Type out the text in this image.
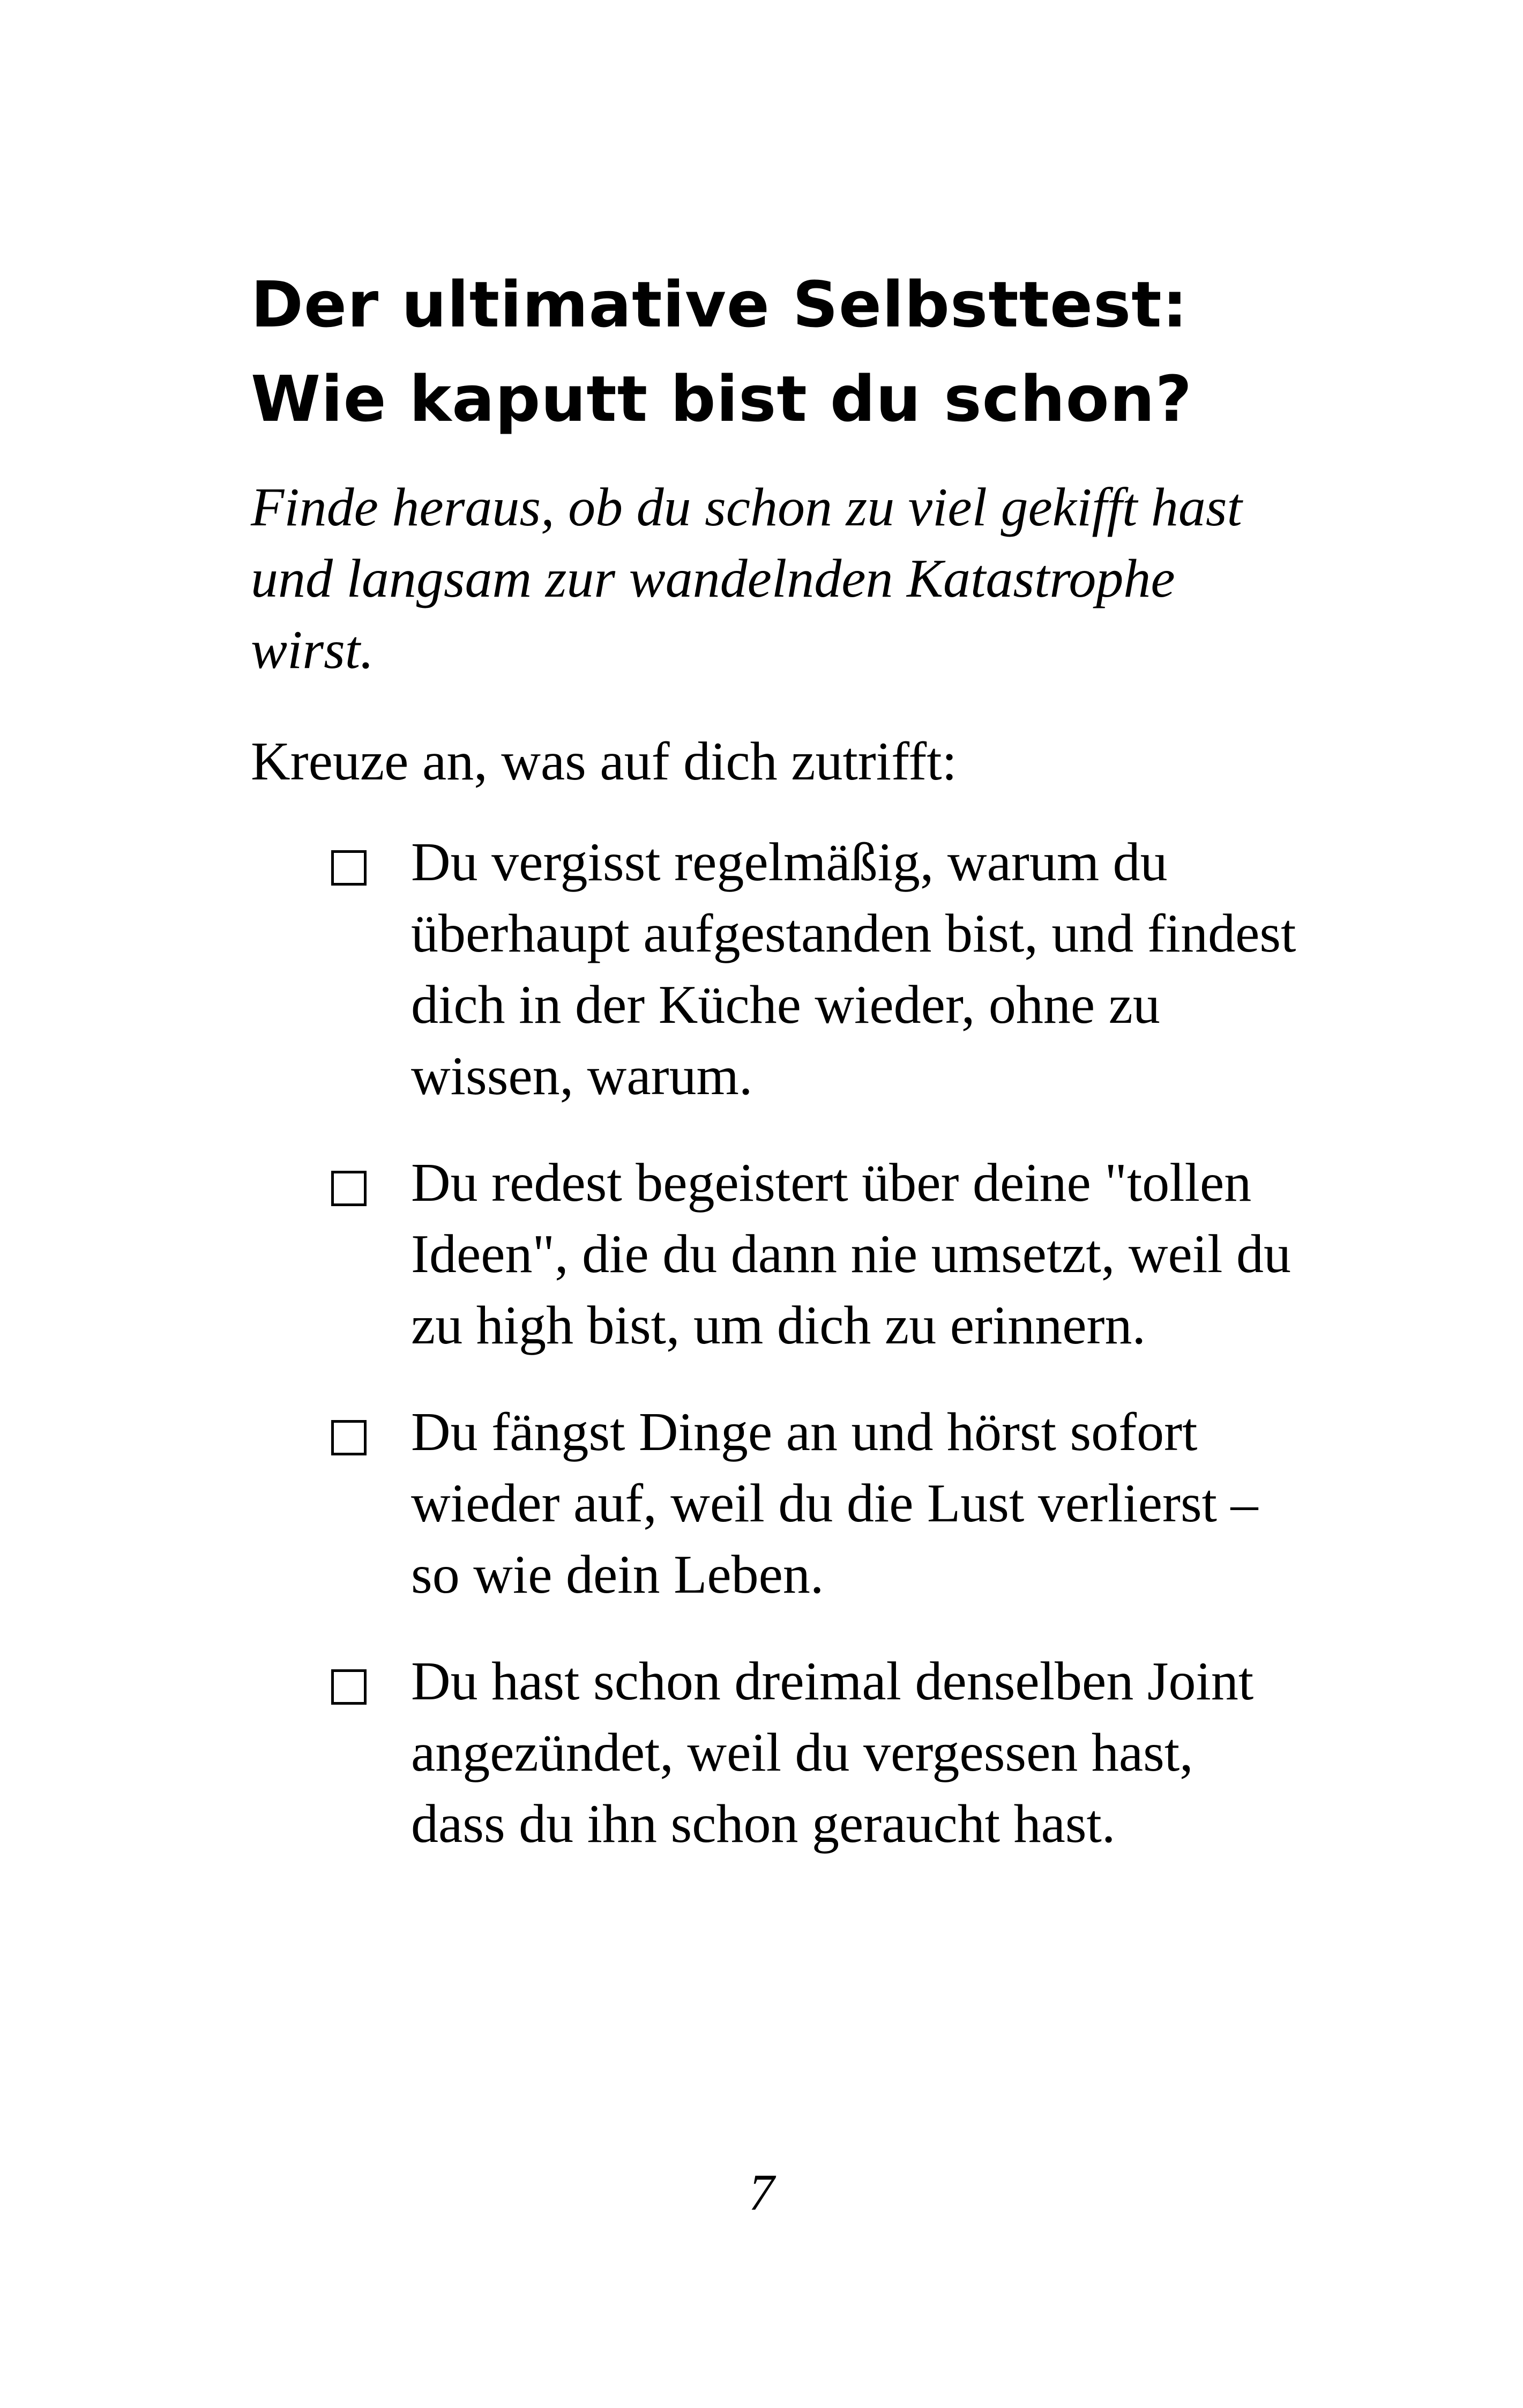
Der ultimative Selbsttest:
Wie kaputt bist du schon?

Finde heraus, ob du schon zu viel gekifft hast und langsam zur wandelnden Katastrophe wirst.

Kreuze an, was auf dich zutrifft:

Du vergisst regelmäßig, warum du überhaupt aufgestanden bist, und findest dich in der Küche wieder, ohne zu wissen, warum.
Du redest begeistert über deine "tollen Ideen", die du dann nie umsetzt, weil du zu high bist, um dich zu erinnern.
Du fängst Dinge an und hörst sofort wieder auf, weil du die Lust verlierst – so wie dein Leben.
Du hast schon dreimal denselben Joint angezündet, weil du vergessen hast, dass du ihn schon geraucht hast.

7
